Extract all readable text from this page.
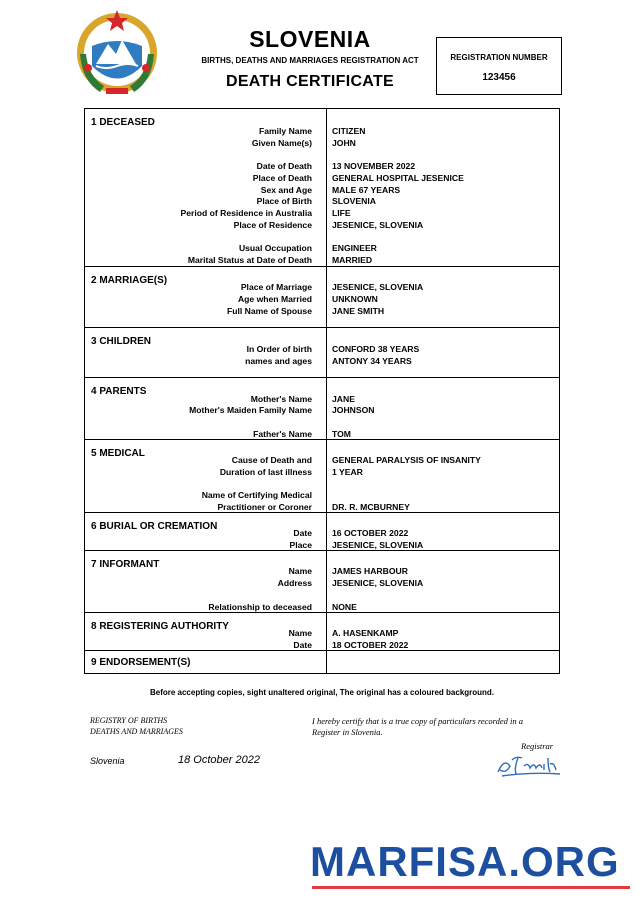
SLOVENIA
BIRTHS, DEATHS AND MARRIAGES REGISTRATION ACT
DEATH CERTIFICATE
REGISTRATION NUMBER
123456
1 DECEASED
Family Name	CITIZEN
Given Name(s)	JOHN
Date of Death	13 NOVEMBER 2022
Place of Death	GENERAL HOSPITAL JESENICE
Sex and Age	MALE 67 YEARS
Place of Birth	SLOVENIA
Period of Residence in Australia	LIFE
Place of Residence	JESENICE, SLOVENIA
Usual Occupation	ENGINEER
Marital Status at Date of Death	MARRIED
2 MARRIAGE(S)
Place of Marriage	JESENICE, SLOVENIA
Age when Married	UNKNOWN
Full Name of Spouse	JANE SMITH
3 CHILDREN
In Order of birth	CONFORD 38 YEARS
names and ages	ANTONY 34 YEARS
4 PARENTS
Mother's Name	JANE
Mother's Maiden Family Name	JOHNSON
Father's Name	TOM
5 MEDICAL
Cause of Death and	GENERAL PARALYSIS OF INSANITY
Duration of last illness	1 YEAR
Name of Certifying Medical
Practitioner or Coroner	DR. R. MCBURNEY
6 BURIAL OR CREMATION
Date	16 OCTOBER 2022
Place	JESENICE, SLOVENIA
7 INFORMANT
Name	JAMES HARBOUR
Address	JESENICE, SLOVENIA
Relationship to deceased	NONE
8 REGISTERING AUTHORITY
Name	A. HASENKAMP
Date	18 OCTOBER 2022
9 ENDORSEMENT(S)
Before accepting copies, sight unaltered original, The original has a coloured background.
REGISTRY OF BIRTHS
DEATHS AND MARRIAGES
I hereby certify that is a true copy of particulars recorded in a
Register in Slovenia.
Registrar
Slovenia	18 October 2022
MARFISA.ORG
